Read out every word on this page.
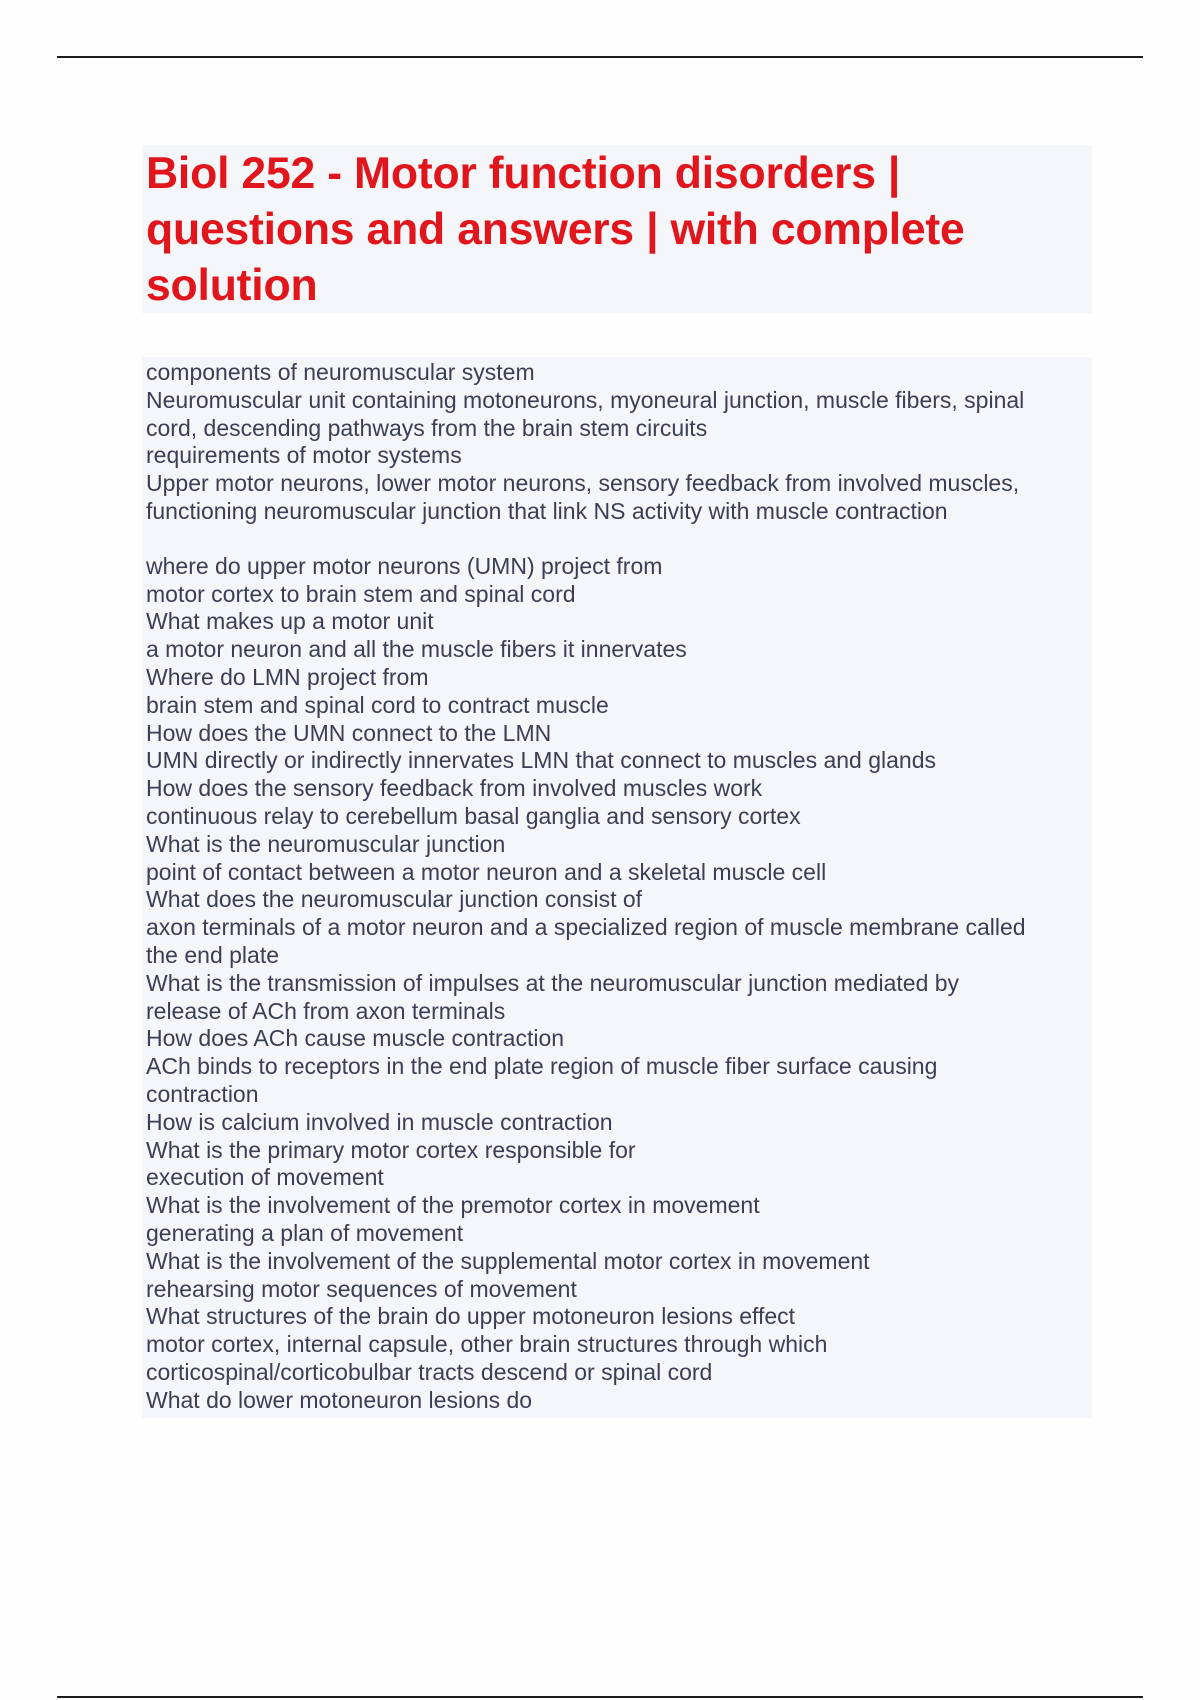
Biol 252 - Motor function disorders |
questions and answers | with complete
solution
components of neuromuscular system
Neuromuscular unit containing motoneurons, myoneural junction, muscle fibers, spinal
cord, descending pathways from the brain stem circuits
requirements of motor systems
Upper motor neurons, lower motor neurons, sensory feedback from involved muscles,
functioning neuromuscular junction that link NS activity with muscle contraction
where do upper motor neurons (UMN) project from
motor cortex to brain stem and spinal cord
What makes up a motor unit
a motor neuron and all the muscle fibers it innervates
Where do LMN project from
brain stem and spinal cord to contract muscle
How does the UMN connect to the LMN
UMN directly or indirectly innervates LMN that connect to muscles and glands
How does the sensory feedback from involved muscles work
continuous relay to cerebellum basal ganglia and sensory cortex
What is the neuromuscular junction
point of contact between a motor neuron and a skeletal muscle cell
What does the neuromuscular junction consist of
axon terminals of a motor neuron and a specialized region of muscle membrane called
the end plate
What is the transmission of impulses at the neuromuscular junction mediated by
release of ACh from axon terminals
How does ACh cause muscle contraction
ACh binds to receptors in the end plate region of muscle fiber surface causing
contraction
How is calcium involved in muscle contraction
What is the primary motor cortex responsible for
execution of movement
What is the involvement of the premotor cortex in movement
generating a plan of movement
What is the involvement of the supplemental motor cortex in movement
rehearsing motor sequences of movement
What structures of the brain do upper motoneuron lesions effect
motor cortex, internal capsule, other brain structures through which
corticospinal/corticobulbar tracts descend or spinal cord
What do lower motoneuron lesions do
